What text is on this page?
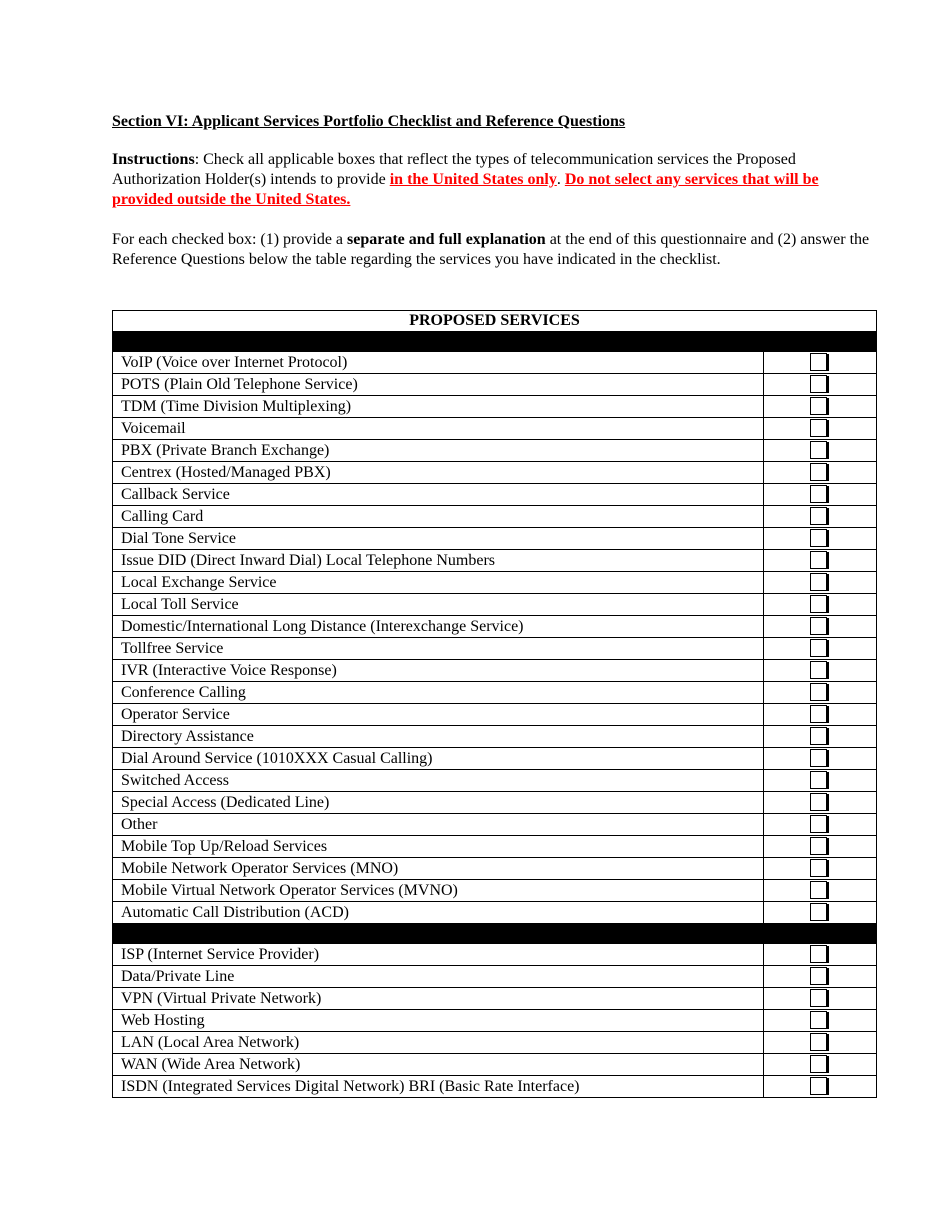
Section VI: Applicant Services Portfolio Checklist and Reference Questions

Instructions: Check all applicable boxes that reflect the types of telecommunication services the Proposed Authorization Holder(s) intends to provide in the United States only. Do not select any services that will be provided outside the United States.

For each checked box: (1) provide a separate and full explanation at the end of this questionnaire and (2) answer the Reference Questions below the table regarding the services you have indicated in the checklist.

PROPOSED SERVICES	

VoIP (Voice over Internet Protocol)	

POTS (Plain Old Telephone Service)	

TDM (Time Division Multiplexing)	

Voicemail	

PBX (Private Branch Exchange)	

Centrex (Hosted/Managed PBX)	

Callback Service	

Calling Card	

Dial Tone Service	

Issue DID (Direct Inward Dial) Local Telephone Numbers	

Local Exchange Service	

Local Toll Service	

Domestic/International Long Distance (Interexchange Service)	

Tollfree Service	

IVR (Interactive Voice Response)	

Conference Calling	

Operator Service	

Directory Assistance	

Dial Around Service (1010XXX Casual Calling)	

Switched Access	

Special Access (Dedicated Line)	

Other	

Mobile Top Up/Reload Services	

Mobile Network Operator Services (MNO)	

Mobile Virtual Network Operator Services (MVNO)	

Automatic Call Distribution (ACD)	

ISP (Internet Service Provider)	

Data/Private Line	

VPN (Virtual Private Network)	

Web Hosting	

LAN (Local Area Network)	

WAN (Wide Area Network)	

ISDN (Integrated Services Digital Network) BRI (Basic Rate Interface)	
